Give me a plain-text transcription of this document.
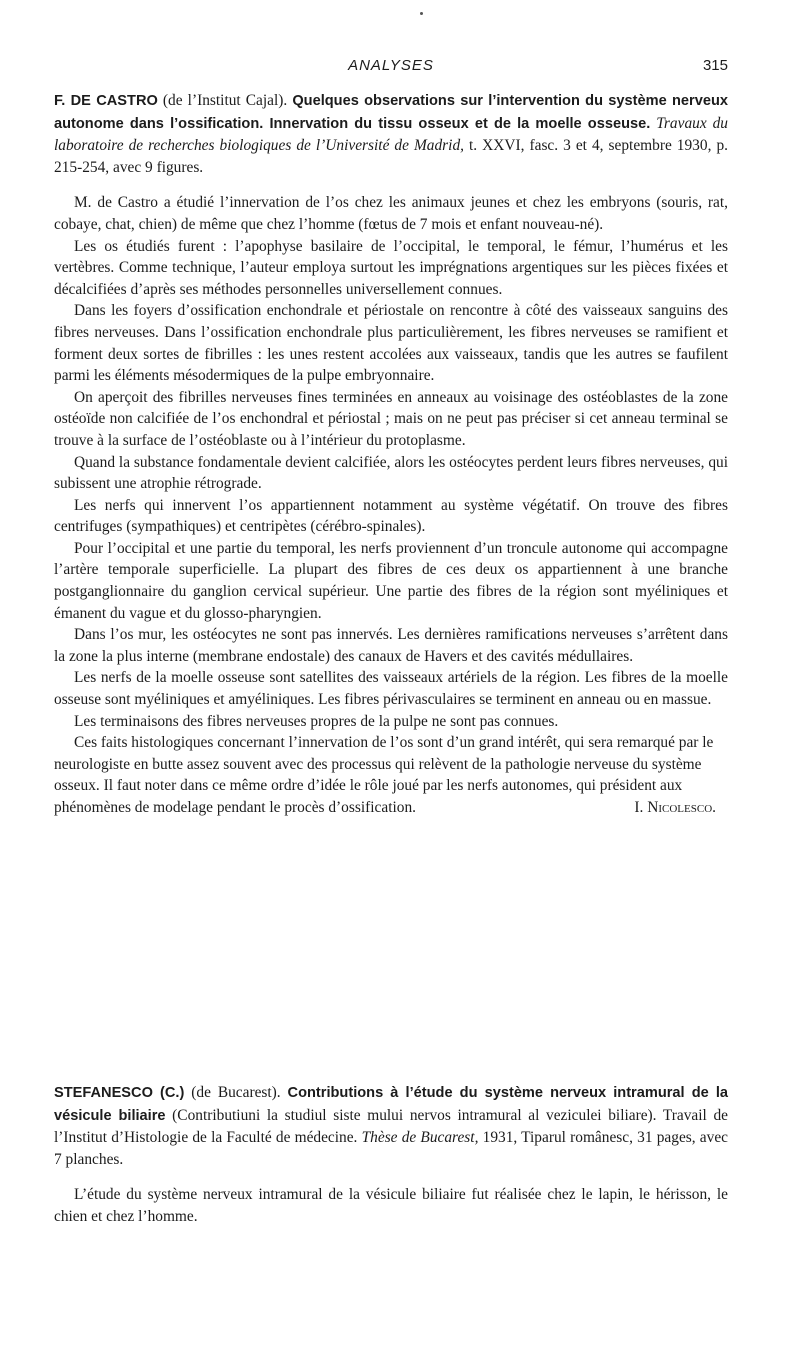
ANALYSES	315

F. DE CASTRO (de l’Institut Cajal). Quelques observations sur l’intervention du système nerveux autonome dans l’ossification. Innervation du tissu osseux et de la moelle osseuse. Travaux du laboratoire de recherches biologiques de l’Université de Madrid, t. XXVI, fasc. 3 et 4, septembre 1930, p. 215-254, avec 9 figures.

M. de Castro a étudié l’innervation de l’os chez les animaux jeunes et chez les embryons (souris, rat, cobaye, chat, chien) de même que chez l’homme (fœtus de 7 mois et enfant nouveau-né).

Les os étudiés furent : l’apophyse basilaire de l’occipital, le temporal, le fémur, l’humérus et les vertèbres. Comme technique, l’auteur employa surtout les imprégnations argentiques sur les pièces fixées et décalcifiées d’après ses méthodes personnelles universellement connues.

Dans les foyers d’ossification enchondrale et périostale on rencontre à côté des vaisseaux sanguins des fibres nerveuses. Dans l’ossification enchondrale plus particulièrement, les fibres nerveuses se ramifient et forment deux sortes de fibrilles : les unes restent accolées aux vaisseaux, tandis que les autres se faufilent parmi les éléments mésodermiques de la pulpe embryonnaire.

On aperçoit des fibrilles nerveuses fines terminées en anneaux au voisinage des ostéoblastes de la zone ostéoïde non calcifiée de l’os enchondral et périostal ; mais on ne peut pas préciser si cet anneau terminal se trouve à la surface de l’ostéoblaste ou à l’intérieur du protoplasme.

Quand la substance fondamentale devient calcifiée, alors les ostéocytes perdent leurs fibres nerveuses, qui subissent une atrophie rétrograde.

Les nerfs qui innervent l’os appartiennent notamment au système végétatif. On trouve des fibres centrifuges (sympathiques) et centripètes (cérébro-spinales).

Pour l’occipital et une partie du temporal, les nerfs proviennent d’un troncule autonome qui accompagne l’artère temporale superficielle. La plupart des fibres de ces deux os appartiennent à une branche postganglionnaire du ganglion cervical supérieur. Une partie des fibres de la région sont myéliniques et émanent du vague et du glosso-pharyngien.

Dans l’os mur, les ostéocytes ne sont pas innervés. Les dernières ramifications nerveuses s’arrêtent dans la zone la plus interne (membrane endostale) des canaux de Havers et des cavités médullaires.

Les nerfs de la moelle osseuse sont satellites des vaisseaux artériels de la région. Les fibres de la moelle osseuse sont myéliniques et amyéliniques. Les fibres périvasculaires se terminent en anneau ou en massue.

Les terminaisons des fibres nerveuses propres de la pulpe ne sont pas connues.

Ces faits histologiques concernant l’innervation de l’os sont d’un grand intérêt, qui sera remarqué par le neurologiste en butte assez souvent avec des processus qui relèvent de la pathologie nerveuse du système osseux. Il faut noter dans ce même ordre d’idée le rôle joué par les nerfs autonomes, qui président aux phénomènes de modelage pendant le procès d’ossification.	I. Nicolesco.

STEFANESCO (C.) (de Bucarest). Contributions à l’étude du système nerveux intramural de la vésicule biliaire (Contributiuni la studiul siste mului nervos intramural al veziculei biliare). Travail de l’Institut d’Histologie de la Faculté de médecine. Thèse de Bucarest, 1931, Tiparul românesc, 31 pages, avec 7 planches.

L’étude du système nerveux intramural de la vésicule biliaire fut réalisée chez le lapin, le hérisson, le chien et chez l’homme.
